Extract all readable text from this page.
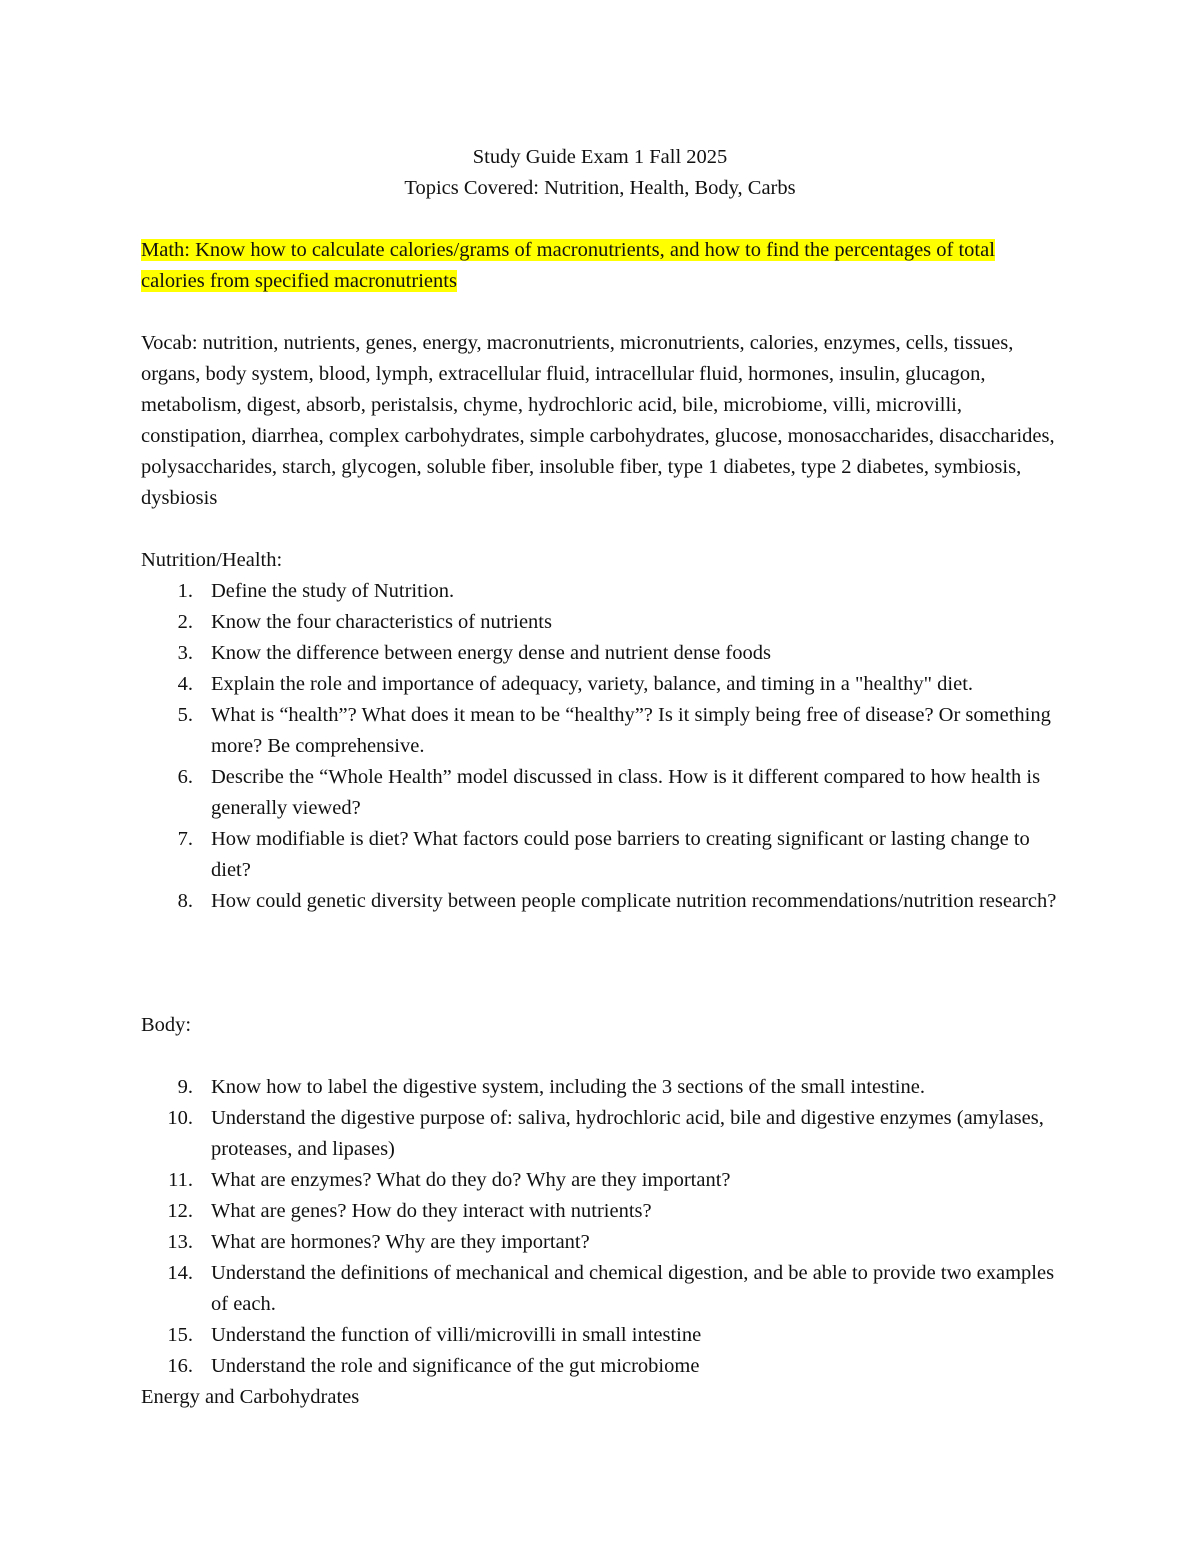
Study Guide Exam 1 Fall 2025
Topics Covered: Nutrition, Health, Body, Carbs
Math: Know how to calculate calories/grams of macronutrients, and how to find the percentages of total calories from specified macronutrients
Vocab: nutrition, nutrients, genes, energy, macronutrients, micronutrients, calories, enzymes, cells, tissues, organs, body system, blood, lymph, extracellular fluid, intracellular fluid, hormones, insulin, glucagon, metabolism, digest, absorb, peristalsis, chyme, hydrochloric acid, bile, microbiome, villi, microvilli, constipation, diarrhea, complex carbohydrates, simple carbohydrates, glucose, monosaccharides, disaccharides, polysaccharides, starch, glycogen, soluble fiber, insoluble fiber, type 1 diabetes, type 2 diabetes, symbiosis, dysbiosis
Nutrition/Health:
1. Define the study of Nutrition.
2. Know the four characteristics of nutrients
3. Know the difference between energy dense and nutrient dense foods
4. Explain the role and importance of adequacy, variety, balance, and timing in a "healthy" diet.
5. What is “health”? What does it mean to be “healthy”? Is it simply being free of disease? Or something more? Be comprehensive.
6. Describe the “Whole Health” model discussed in class. How is it different compared to how health is generally viewed?
7. How modifiable is diet? What factors could pose barriers to creating significant or lasting change to diet?
8. How could genetic diversity between people complicate nutrition recommendations/nutrition research?
Body:
9. Know how to label the digestive system, including the 3 sections of the small intestine.
10. Understand the digestive purpose of: saliva, hydrochloric acid, bile and digestive enzymes (amylases, proteases, and lipases)
11. What are enzymes? What do they do? Why are they important?
12. What are genes? How do they interact with nutrients?
13. What are hormones? Why are they important?
14. Understand the definitions of mechanical and chemical digestion, and be able to provide two examples of each.
15. Understand the function of villi/microvilli in small intestine
16. Understand the role and significance of the gut microbiome
Energy and Carbohydrates
